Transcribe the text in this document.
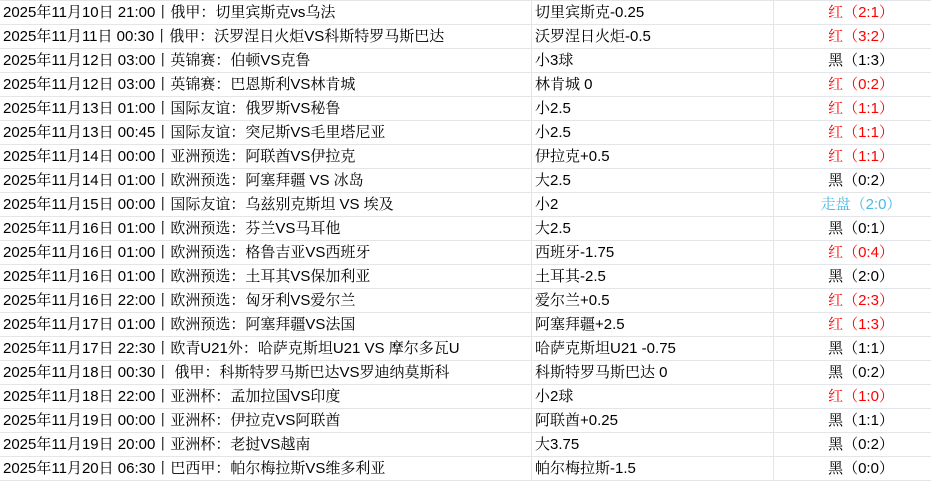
2025年11月10日 21:00丨俄甲：切里宾斯克vs乌法	切里宾斯克-0.25	红（2:1）
2025年11月11日 00:30丨俄甲：沃罗涅日火炬VS科斯特罗马斯巴达	沃罗涅日火炬-0.5	红（3:2）
2025年11月12日 03:00丨英锦赛：伯顿VS克鲁	小3球	黑（1:3）
2025年11月12日 03:00丨英锦赛：巴恩斯利VS林肯城	林肯城 0	红（0:2）
2025年11月13日 01:00丨国际友谊：俄罗斯VS秘鲁	小2.5	红（1:1）
2025年11月13日 00:45丨国际友谊：突尼斯VS毛里塔尼亚	小2.5	红（1:1）
2025年11月14日 00:00丨亚洲预选：阿联酋VS伊拉克	伊拉克+0.5	红（1:1）
2025年11月14日 01:00丨欧洲预选：阿塞拜疆 VS 冰岛	大2.5	黑（0:2）
2025年11月15日 00:00丨国际友谊：乌兹别克斯坦 VS 埃及	小2	走盘（2:0）
2025年11月16日 01:00丨欧洲预选：芬兰VS马耳他	大2.5	黑（0:1）
2025年11月16日 01:00丨欧洲预选：格鲁吉亚VS西班牙	西班牙-1.75	红（0:4）
2025年11月16日 01:00丨欧洲预选：土耳其VS保加利亚	土耳其-2.5	黑（2:0）
2025年11月16日 22:00丨欧洲预选：匈牙利VS爱尔兰	爱尔兰+0.5	红（2:3）
2025年11月17日 01:00丨欧洲预选：阿塞拜疆VS法国	阿塞拜疆+2.5	红（1:3）
2025年11月17日 22:30丨欧青U21外：哈萨克斯坦U21 VS 摩尔多瓦U	哈萨克斯坦U21 -0.75	黑（1:1）
2025年11月18日 00:30丨 俄甲：科斯特罗马斯巴达VS罗迪纳莫斯科	科斯特罗马斯巴达 0	黑（0:2）
2025年11月18日 22:00丨亚洲杯：孟加拉国VS印度	小2球	红（1:0）
2025年11月19日 00:00丨亚洲杯：伊拉克VS阿联酋	阿联酋+0.25	黑（1:1）
2025年11月19日 20:00丨亚洲杯：老挝VS越南	大3.75	黑（0:2）
2025年11月20日 06:30丨巴西甲：帕尔梅拉斯VS维多利亚	帕尔梅拉斯-1.5	黑（0:0）
